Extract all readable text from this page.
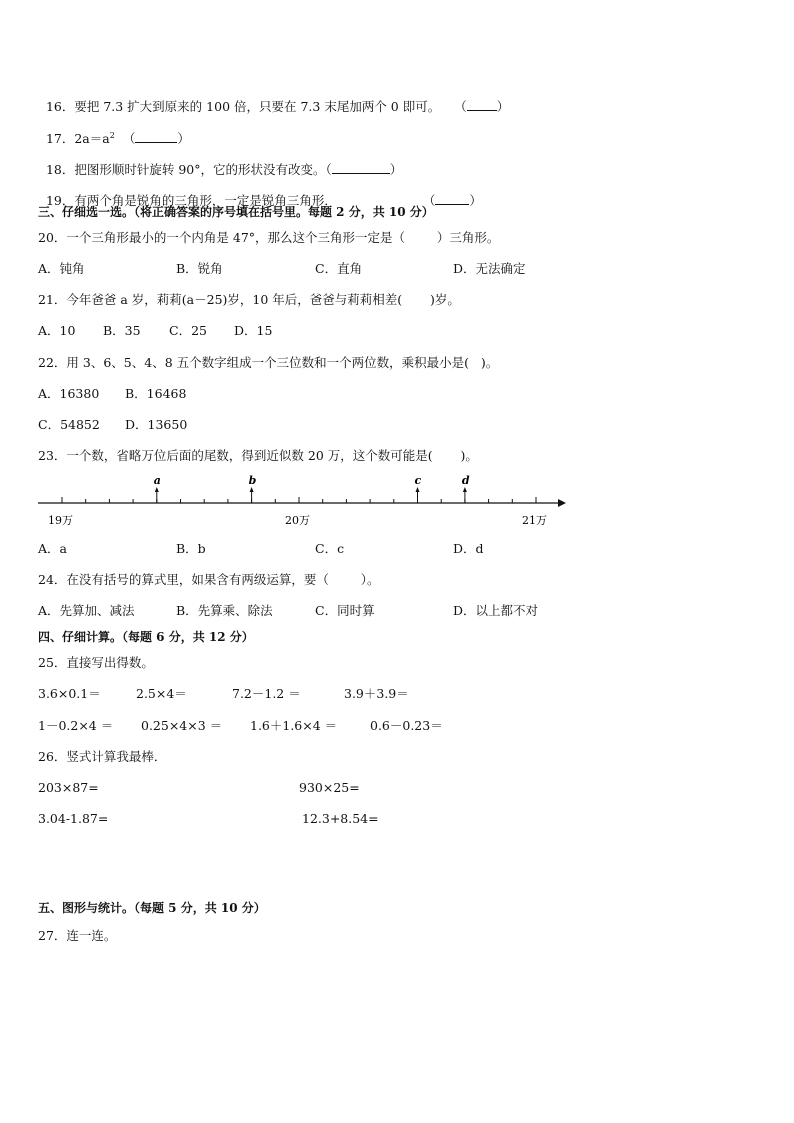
16．要把 7.3 扩大到原来的 100 倍，只要在 7.3 末尾加两个 0 即可。 （ ）

17．$2a=a^2$ （	）

18．把图形顺时针旋转 90°，它的形状没有改变。（	）

19．有两个角是锐角的三角形，一定是锐角三角形．	（	）

三、仔细选一选。（将正确答案的序号填在括号里。每题 2 分，共 10 分）
20．一个三角形最小的一个内角是 47°，那么这个三角形一定是（        ）三角形。
A．钝角	B．锐角	C．直角	D．无法确定
21．今年爸爸 a 岁，莉莉(a－25)岁，10 年后，爸爸与莉莉相差(       )岁。
A．10 B．35 C．25 D．15
22．用 3、6、5、4、8 五个数字组成一个三位数和一个两位数，乘积最小是(   )。
A．16380 B．16468
C．54852 D．13650
23．一个数，省略万位后面的尾数，得到近似数 20 万，这个数可能是(       )。
a	b	c	d
19万	20万	21万
A．a	B．b	C．c	D．d
24．在没有括号的算式里，如果含有两级运算，要（        ）。
A．先算加、减法	B．先算乘、除法	C．同时算	D．以上都不对
四、仔细计算。（每题 6 分，共 12 分）
25．直接写出得数。
3.6×0.1＝	2.5×4＝	7.2－1.2 ＝	3.9＋3.9＝
1－0.2×4 ＝ 0.25×4×3 ＝ 1.6＋1.6×4 ＝	0.6－0.23＝
26．竖式计算我最棒．
203×87=	930×25=
3.04-1.87=	12.3+8.54=
五、图形与统计。（每题 5 分，共 10 分）
27．连一连。
